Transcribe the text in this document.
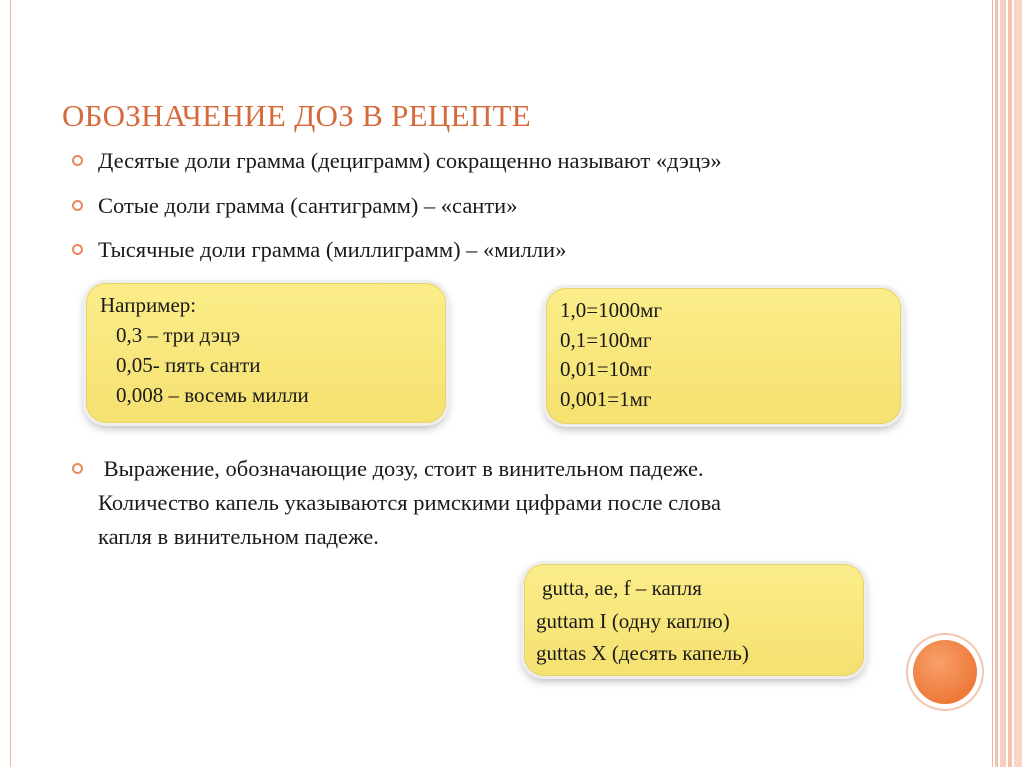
ОБОЗНАЧЕНИЕ ДОЗ В РЕЦЕПТЕ
Десятые доли грамма (дециграмм) сокращенно называют «дэцэ»
Сотые доли грамма (сантиграмм) – «санти»
Тысячные доли грамма (миллиграмм) – «милли»
Например:
0,3 – три дэцэ
0,05- пять санти
0,008 – восемь милли
1,0=1000мг
0,1=100мг
0,01=10мг
0,001=1мг
Выражение, обозначающие дозу, стоит в винительном падеже.
Количество капель указываются римскими цифрами после слова
капля в винительном падеже.
gutta, ae, f – капля
guttam I (одну каплю)
guttas X (десять капель)
